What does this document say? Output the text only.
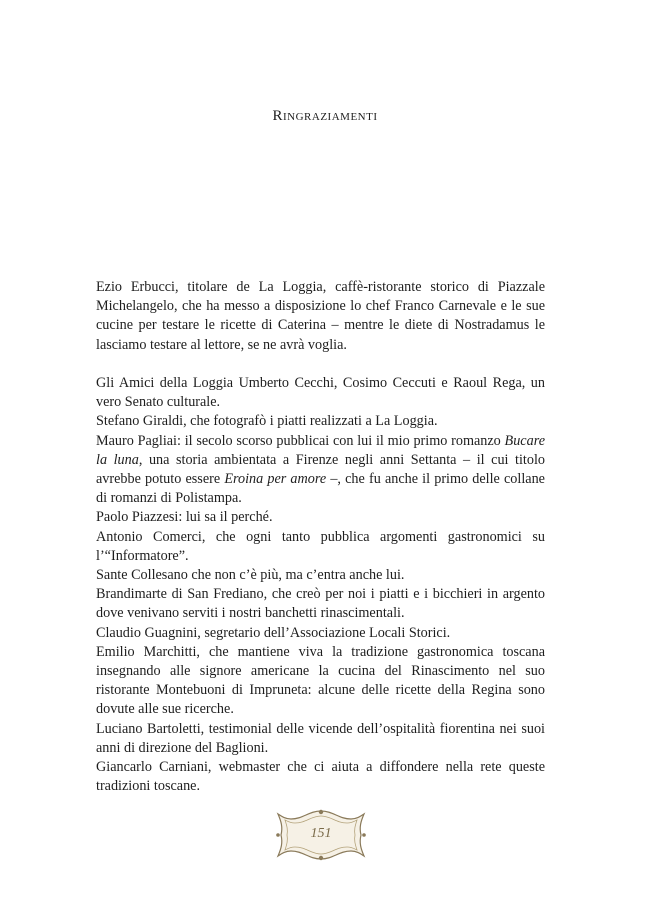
Ringraziamenti

Ezio Erbucci, titolare de La Loggia, caffè-ristorante storico di Piazzale Michelangelo, che ha messo a disposizione lo chef Franco Carnevale e le sue cucine per testare le ricette di Caterina – mentre le diete di Nostradamus le lasciamo testare al lettore, se ne avrà voglia.

Gli Amici della Loggia Umberto Cecchi, Cosimo Ceccuti e Raoul Rega, un vero Senato culturale.

Stefano Giraldi, che fotografò i piatti realizzati a La Loggia.

Mauro Pagliai: il secolo scorso pubblicai con lui il mio primo romanzo Bucare la luna, una storia ambientata a Firenze negli anni Settanta – il cui titolo avrebbe potuto essere Eroina per amore –, che fu anche il primo delle collane di romanzi di Polistampa.

Paolo Piazzesi: lui sa il perché.

Antonio Comerci, che ogni tanto pubblica argomenti gastronomici su l’“Informatore”.

Sante Collesano che non c’è più, ma c’entra anche lui.

Brandimarte di San Frediano, che creò per noi i piatti e i bicchieri in argento dove venivano serviti i nostri banchetti rinascimentali.

Claudio Guagnini, segretario dell’Associazione Locali Storici.

Emilio Marchitti, che mantiene viva la tradizione gastronomica toscana insegnando alle signore americane la cucina del Rinascimento nel suo ristorante Montebuoni di Impruneta: alcune delle ricette della Regina sono dovute alle sue ricerche.

Luciano Bartoletti, testimonial delle vicende dell’ospitalità fiorentina nei suoi anni di direzione del Baglioni.

Giancarlo Carniani, webmaster che ci aiuta a diffondere nella rete queste tradizioni toscane.

151
